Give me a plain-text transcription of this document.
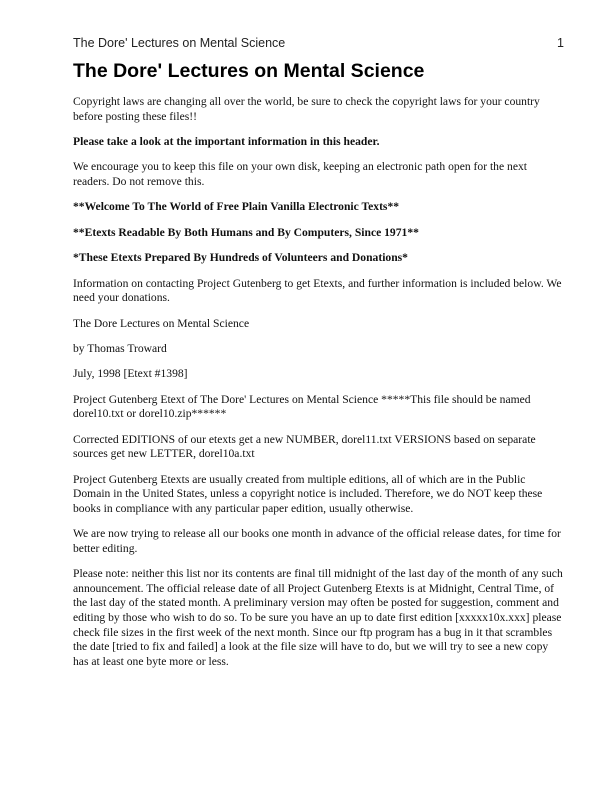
The Dore' Lectures on Mental Science	1
The Dore' Lectures on Mental Science

Copyright laws are changing all over the world, be sure to check the copyright laws for your country before posting these files!!

Please take a look at the important information in this header.

We encourage you to keep this file on your own disk, keeping an electronic path open for the next readers. Do not remove this.

**Welcome To The World of Free Plain Vanilla Electronic Texts**

**Etexts Readable By Both Humans and By Computers, Since 1971**

*These Etexts Prepared By Hundreds of Volunteers and Donations*

Information on contacting Project Gutenberg to get Etexts, and further information is included below. We need your donations.

The Dore Lectures on Mental Science

by Thomas Troward

July, 1998 [Etext #1398]

Project Gutenberg Etext of The Dore' Lectures on Mental Science *****This file should be named dorel10.txt or dorel10.zip******

Corrected EDITIONS of our etexts get a new NUMBER, dorel11.txt VERSIONS based on separate sources get new LETTER, dorel10a.txt

Project Gutenberg Etexts are usually created from multiple editions, all of which are in the Public Domain in the United States, unless a copyright notice is included. Therefore, we do NOT keep these books in compliance with any particular paper edition, usually otherwise.

We are now trying to release all our books one month in advance of the official release dates, for time for better editing.

Please note: neither this list nor its contents are final till midnight of the last day of the month of any such announcement. The official release date of all Project Gutenberg Etexts is at Midnight, Central Time, of the last day of the stated month. A preliminary version may often be posted for suggestion, comment and editing by those who wish to do so. To be sure you have an up to date first edition [xxxxx10x.xxx] please check file sizes in the first week of the next month. Since our ftp program has a bug in it that scrambles the date [tried to fix and failed] a look at the file size will have to do, but we will try to see a new copy has at least one byte more or less.
